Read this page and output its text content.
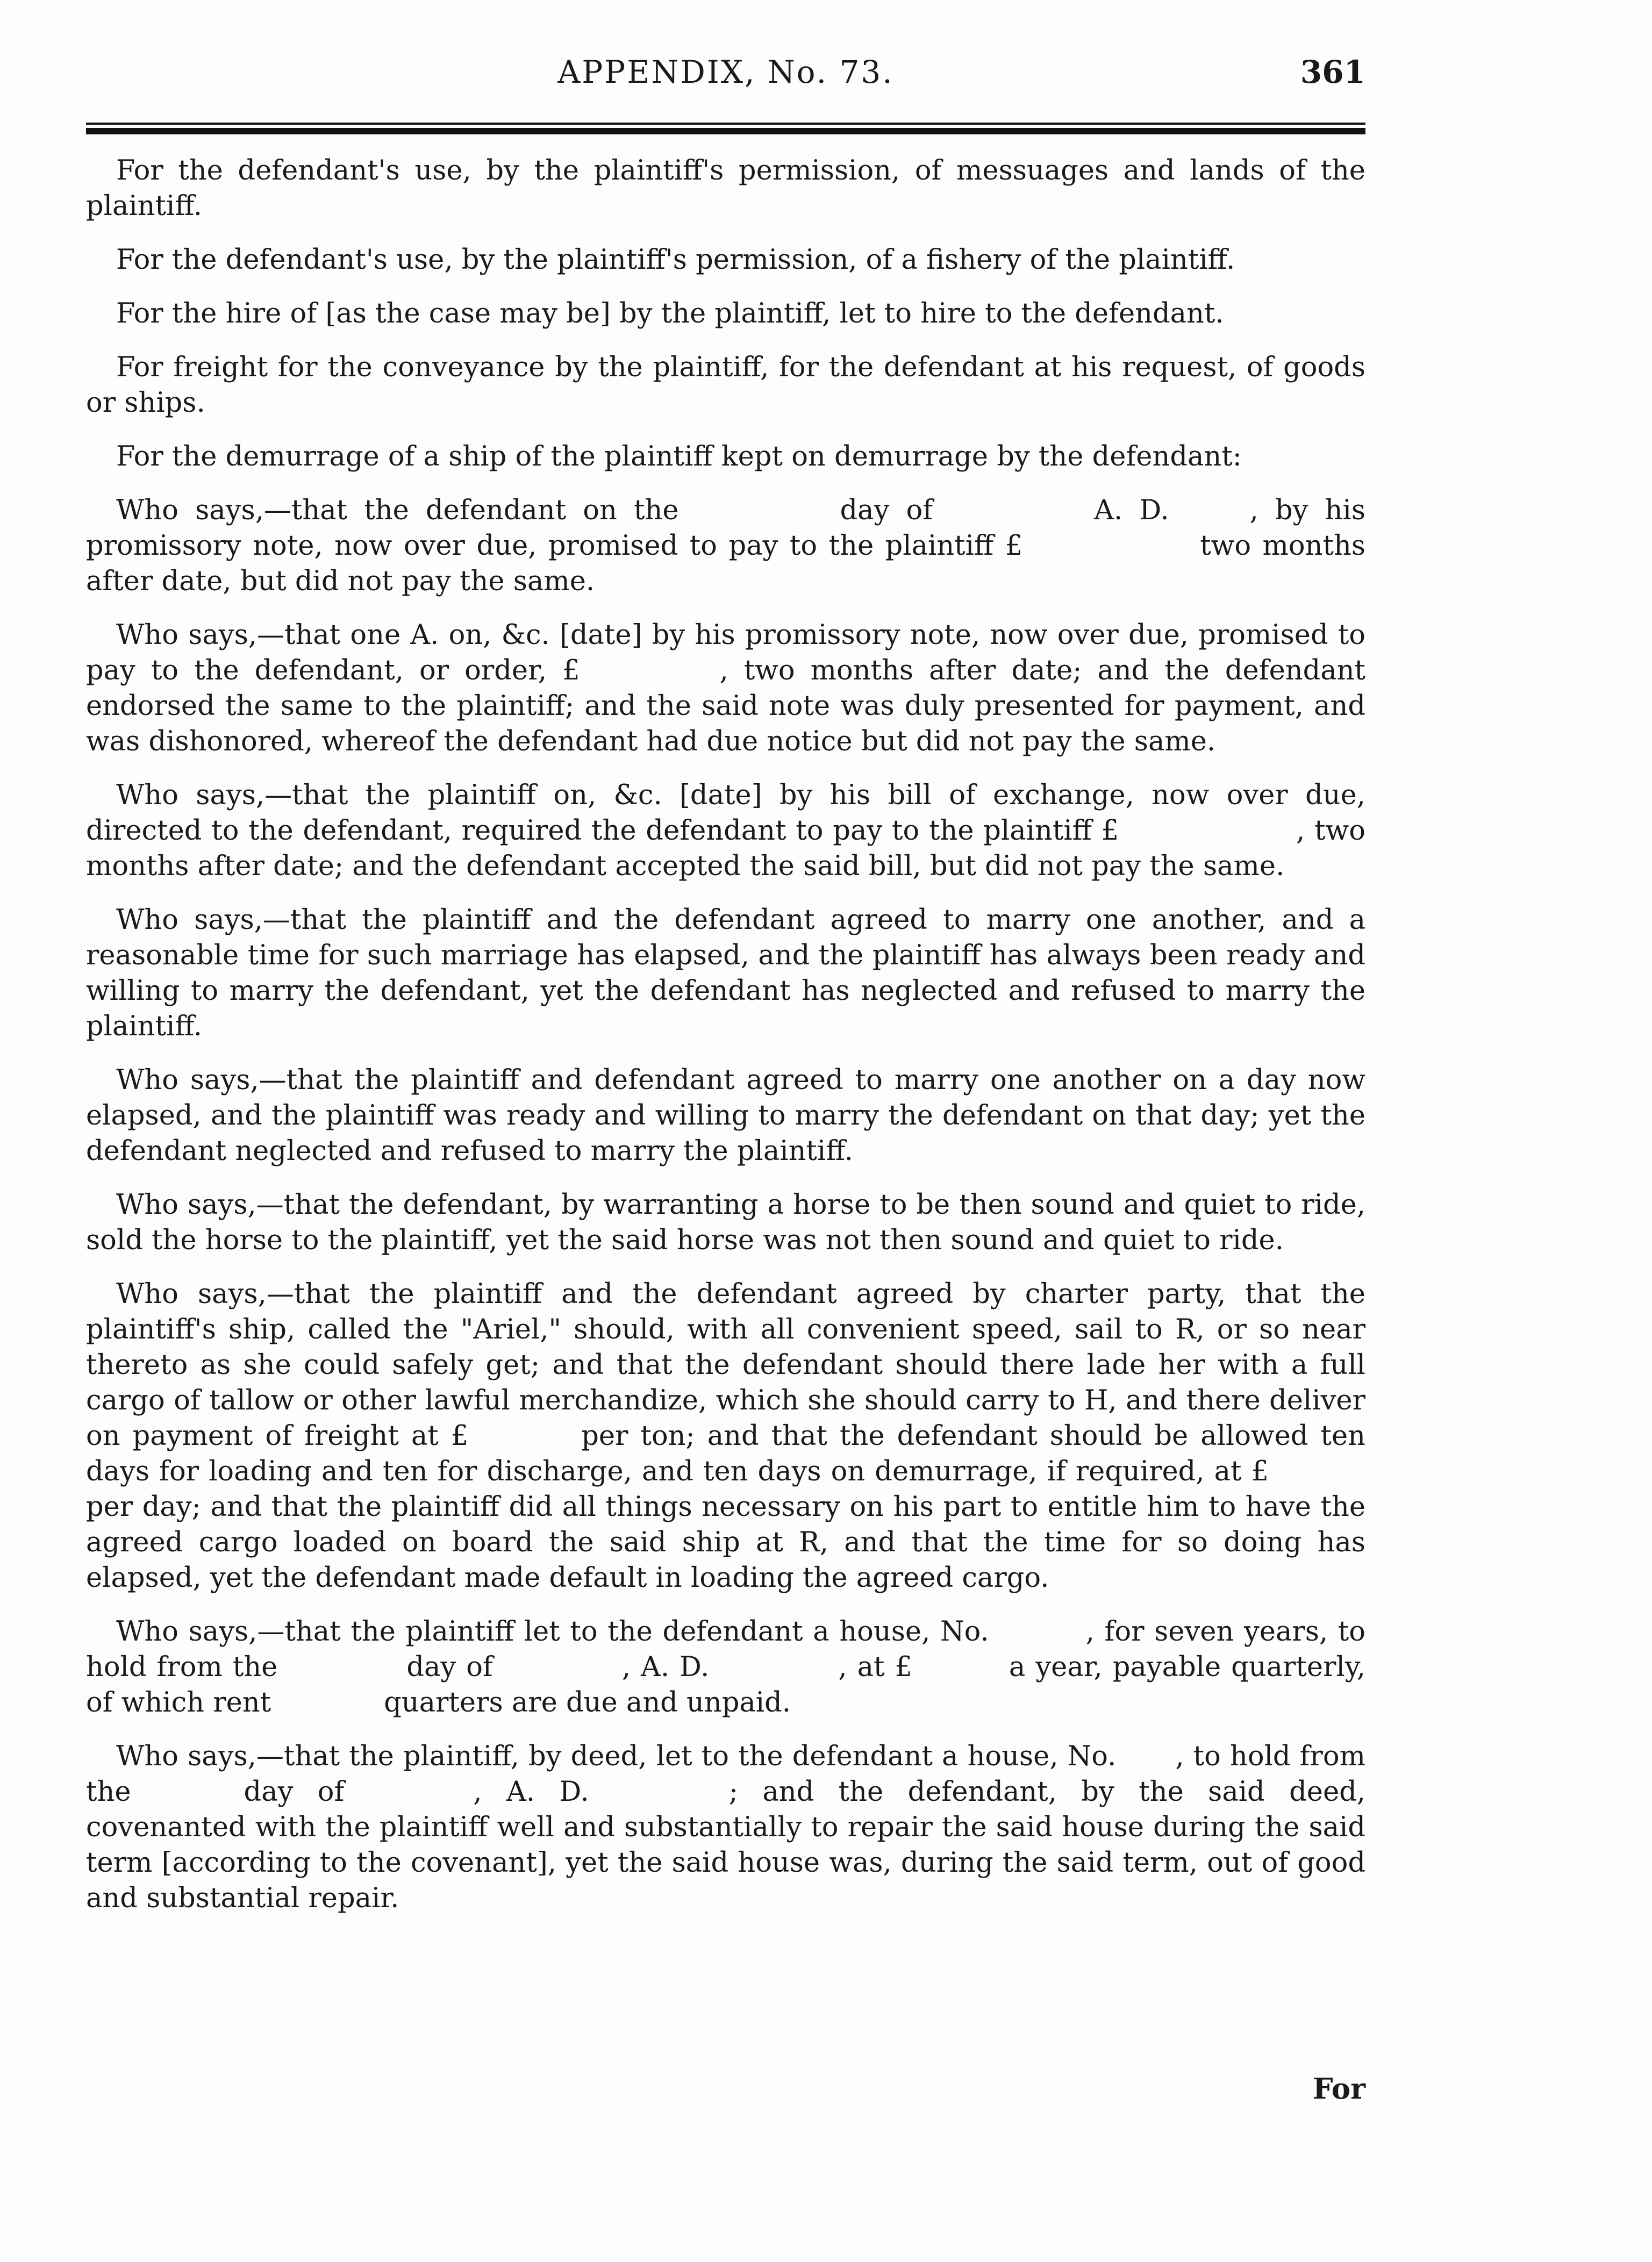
APPENDIX, No. 73.	361

For the defendant's use, by the plaintiff's permission, of messuages and lands of the plaintiff.

For the defendant's use, by the plaintiff's permission, of a fishery of the plaintiff.

For the hire of [as the case may be] by the plaintiff, let to hire to the defendant.

For freight for the conveyance by the plaintiff, for the defendant at his request, of goods or ships.

For the demurrage of a ship of the plaintiff kept on demurrage by the defendant:

Who says,—that the defendant on the	day of	A. D.	, by his promissory note, now over due, promised to pay to the plaintiff £	two months after date, but did not pay the same.

Who says,—that one A. on, &c. [date] by his promissory note, now over due, promised to pay to the defendant, or order, £	, two months after date; and the defendant endorsed the same to the plaintiff; and the said note was duly presented for payment, and was dishonored, whereof the defendant had due notice but did not pay the same.

Who says,—that the plaintiff on, &c. [date] by his bill of exchange, now over due, directed to the defendant, required the defendant to pay to the plaintiff £	, two months after date; and the defendant accepted the said bill, but did not pay the same.

Who says,—that the plaintiff and the defendant agreed to marry one another, and a reasonable time for such marriage has elapsed, and the plaintiff has always been ready and willing to marry the defendant, yet the defendant has neglected and refused to marry the plaintiff.

Who says,—that the plaintiff and defendant agreed to marry one another on a day now elapsed, and the plaintiff was ready and willing to marry the defendant on that day; yet the defendant neglected and refused to marry the plaintiff.

Who says,—that the defendant, by warranting a horse to be then sound and quiet to ride, sold the horse to the plaintiff, yet the said horse was not then sound and quiet to ride.

Who says,—that the plaintiff and the defendant agreed by charter party, that the plaintiff's ship, called the "Ariel," should, with all convenient speed, sail to R, or so near thereto as she could safely get; and that the defendant should there lade her with a full cargo of tallow or other lawful merchandize, which she should carry to H, and there deliver on payment of freight at £	per ton; and that the defendant should be allowed ten days for loading and ten for discharge, and ten days on demurrage, if required, at £per day; and that the plaintiff did all things necessary on his part to entitle him to have the agreed cargo loaded on board the said ship at R, and that the time for so doing has elapsed, yet the defendant made default in loading the agreed cargo.

Who says,—that the plaintiff let to the defendant a house, No.	, for seven years, to hold from the	day of	, A. D.	, at £	a year, payable quarterly, of which rent	quarters are due and unpaid.

Who says,—that the plaintiff, by deed, let to the defendant a house, No. , to hold from the	day of	, A. D.	; and the defendant, by the said deed, covenanted with the plaintiff well and substantially to repair the said house during the said term [according to the covenant], yet the said house was, during the said term, out of good and substantial repair.

For
